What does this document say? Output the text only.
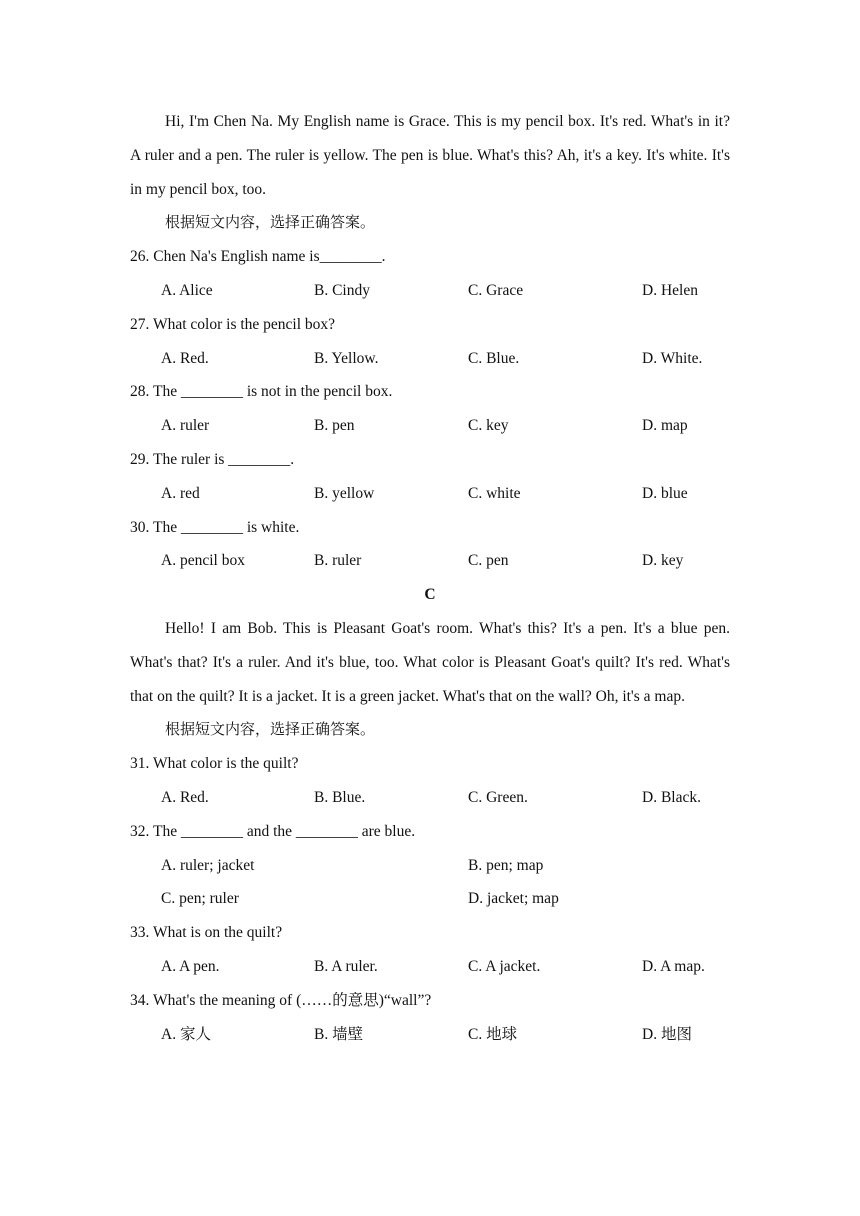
Hi, I'm Chen Na. My English name is Grace. This is my pencil box. It's red. What's in it? A ruler and a pen. The ruler is yellow. The pen is blue. What's this? Ah, it's a key. It's white. It's in my pencil box, too.

根据短文内容，选择正确答案。
26. Chen Na's English name is________.
A. Alice	B. Cindy	C. Grace	D. Helen
27. What color is the pencil box?
A. Red.	B. Yellow.	C. Blue.	D. White.
28. The ________ is not in the pencil box.
A. ruler	B. pen	C. key	D. map
29. The ruler is ________.
A. red	B. yellow	C. white	D. blue
30. The ________ is white.
A. pencil box	B. ruler	C. pen	D. key
C

Hello! I am Bob. This is Pleasant Goat's room. What's this? It's a pen. It's a blue pen. What's that? It's a ruler. And it's blue, too. What color is Pleasant Goat's quilt? It's red. What's that on the quilt? It is a jacket. It is a green jacket. What's that on the wall? Oh, it's a map.

根据短文内容，选择正确答案。
31. What color is the quilt?
A. Red.	B. Blue.	C. Green.	D. Black.
32. The ________ and the ________ are blue.
A. ruler; jacket	B. pen; map
C. pen; ruler	D. jacket; map
33. What is on the quilt?
A. A pen.	B. A ruler.	C. A jacket.	D. A map.
34. What's the meaning of (……的意思)“wall”?
A. 家人	B. 墙壁	C. 地球	D. 地图
